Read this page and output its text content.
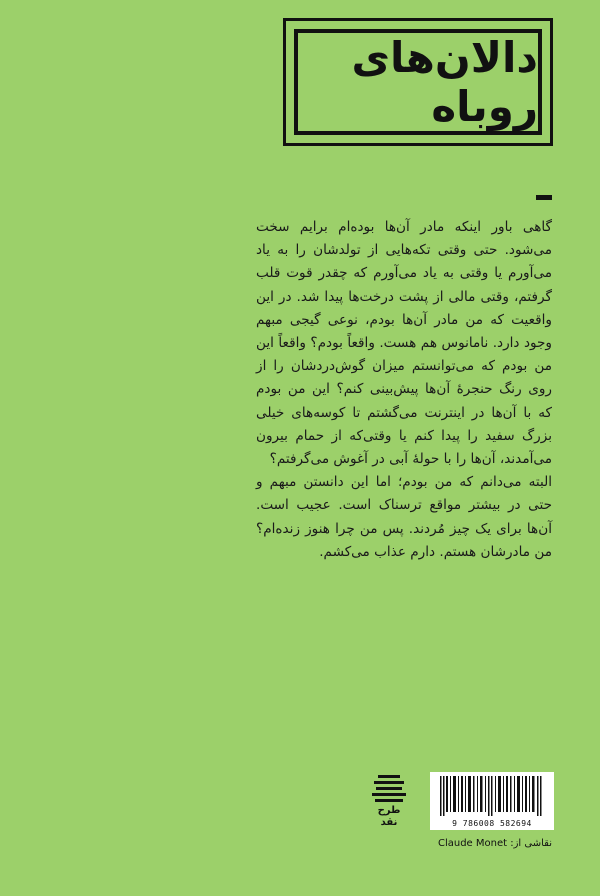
دالان‌های روباه

گاهی باور اینکه مادر آن‌ها بوده‌ام برایم سخت می‌شود. حتی وقتی تکه‌هایی از تولدشان را به یاد می‌آورم یا وقتی به یاد می‌آورم که چقدر قوت قلب گرفتم، وقتی مالی از پشت درخت‌ها پیدا شد. در این واقعیت که من مادر آن‌ها بودم، نوعی گیجی مبهم وجود دارد. نامانوس هم هست. واقعاً بودم؟ واقعاً این من بودم که می‌توانستم میزان گوش‌دردشان را از روی رنگ حنجرهٔ آن‌ها پیش‌بینی کنم؟ این من بودم که با آن‌ها در اینترنت می‌گشتم تا کوسه‌های خیلی بزرگ سفید را پیدا کنم یا وقتی‌که از حمام بیرون می‌آمدند، آن‌ها را با حولهٔ آبی در آغوش می‌گرفتم؟

البته می‌دانم که من بودم؛ اما این دانستن مبهم و حتی در بیشتر مواقع ترسناک است. عجیب است. آن‌ها برای یک چیز مُردند. پس من چرا هنوز زنده‌ام؟ من مادرشان هستم. دارم عذاب می‌کشم.

طرح
نقد	9 786008 582694
نقاشی از: Claude Monet
